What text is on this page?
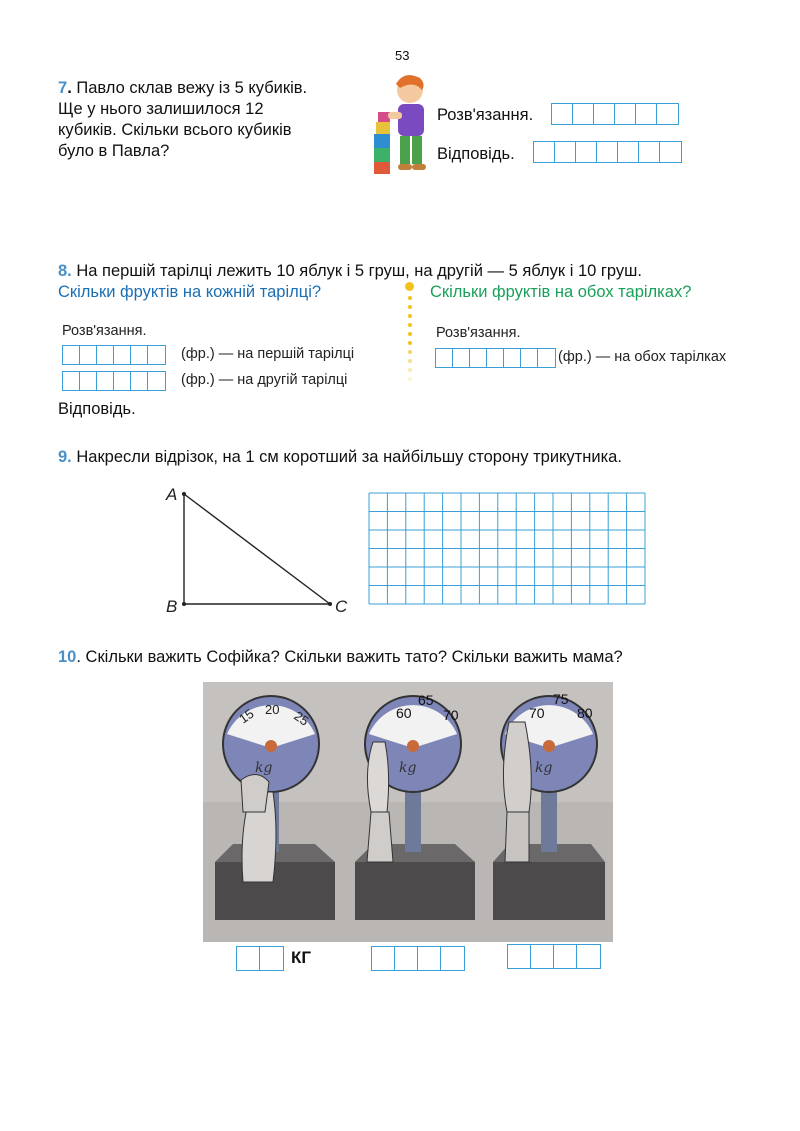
53
7. Павло склав вежу із 5 кубиків.
Ще у нього залишилося 12
кубиків. Скільки всього кубиків
було в Павла?
Розв'язання.
Відповідь.
8. На першій тарілці лежить 10 яблук і 5 груш, на другій — 5 яблук і 10 груш.
Скільки фруктів на кожній тарілці?	Скільки фруктів на обох тарілках?
Розв'язання.
(фр.) — на першій тарілці
(фр.) — на другій тарілці
Розв'язання.
(фр.) — на обох тарілках
Відповідь.
9. Накресли відрізок, на 1 см коротший за найбільшу сторону трикутника.
A
B	C
10. Скільки важить Софійка? Скільки важить тато? Скільки важить мама?
15 20 25
kg
60
65
70
kg
70
75
80
kg
КГ
